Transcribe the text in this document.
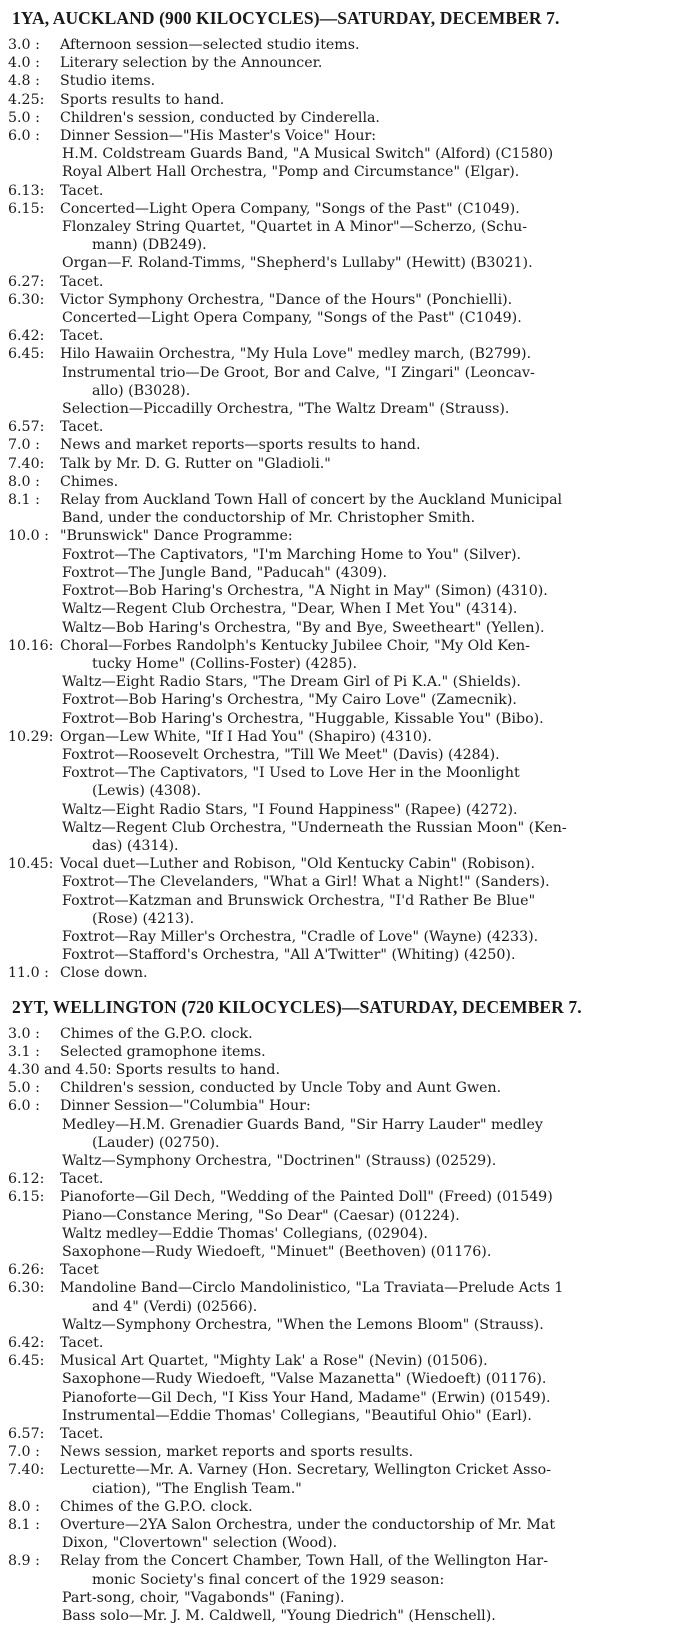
1YA, AUCKLAND (900 KILOCYCLES)—SATURDAY, DECEMBER 7.
3.0 :	Afternoon session—selected studio items.
4.0 :	Literary selection by the Announcer.
4.8 :	Studio items.
4.25:	Sports results to hand.
5.0 :	Children's session, conducted by Cinderella.
6.0 :	Dinner Session—"His Master's Voice" Hour:
H.M. Coldstream Guards Band, "A Musical Switch" (Alford) (C1580)
Royal Albert Hall Orchestra, "Pomp and Circumstance" (Elgar).
6.13:	Tacet.
6.15:	Concerted—Light Opera Company, "Songs of the Past" (C1049).
Flonzaley String Quartet, "Quartet in A Minor"—Scherzo, (Schu-
mann) (DB249).
Organ—F. Roland-Timms, "Shepherd's Lullaby" (Hewitt) (B3021).
6.27:	Tacet.
6.30:	Victor Symphony Orchestra, "Dance of the Hours" (Ponchielli).
Concerted—Light Opera Company, "Songs of the Past" (C1049).
6.42:	Tacet.
6.45:	Hilo Hawaiin Orchestra, "My Hula Love" medley march, (B2799).
Instrumental trio—De Groot, Bor and Calve, "I Zingari" (Leoncav-
allo) (B3028).
Selection—Piccadilly Orchestra, "The Waltz Dream" (Strauss).
6.57:	Tacet.
7.0 :	News and market reports—sports results to hand.
7.40:	Talk by Mr. D. G. Rutter on "Gladioli."
8.0 :	Chimes.
8.1 :	Relay from Auckland Town Hall of concert by the Auckland Municipal
Band, under the conductorship of Mr. Christopher Smith.
10.0 : "Brunswick" Dance Programme:
Foxtrot—The Captivators, "I'm Marching Home to You" (Silver).
Foxtrot—The Jungle Band, "Paducah" (4309).
Foxtrot—Bob Haring's Orchestra, "A Night in May" (Simon) (4310).
Waltz—Regent Club Orchestra, "Dear, When I Met You" (4314).
Waltz—Bob Haring's Orchestra, "By and Bye, Sweetheart" (Yellen).
10.16: Choral—Forbes Randolph's Kentucky Jubilee Choir, "My Old Ken-
tucky Home" (Collins-Foster) (4285).
Waltz—Eight Radio Stars, "The Dream Girl of Pi K.A." (Shields).
Foxtrot—Bob Haring's Orchestra, "My Cairo Love" (Zamecnik).
Foxtrot—Bob Haring's Orchestra, "Huggable, Kissable You" (Bibo).
10.29: Organ—Lew White, "If I Had You" (Shapiro) (4310).
Foxtrot—Roosevelt Orchestra, "Till We Meet" (Davis) (4284).
Foxtrot—The Captivators, "I Used to Love Her in the Moonlight
(Lewis) (4308).
Waltz—Eight Radio Stars, "I Found Happiness" (Rapee) (4272).
Waltz—Regent Club Orchestra, "Underneath the Russian Moon" (Ken-
das) (4314).
10.45: Vocal duet—Luther and Robison, "Old Kentucky Cabin" (Robison).
Foxtrot—The Clevelanders, "What a Girl! What a Night!" (Sanders).
Foxtrot—Katzman and Brunswick Orchestra, "I'd Rather Be Blue"
(Rose) (4213).
Foxtrot—Ray Miller's Orchestra, "Cradle of Love" (Wayne) (4233).
Foxtrot—Stafford's Orchestra, "All A'Twitter" (Whiting) (4250).
11.0 : Close down.
2YT, WELLINGTON (720 KILOCYCLES)—SATURDAY, DECEMBER 7.
3.0 :	Chimes of the G.P.O. clock.
3.1 :	Selected gramophone items.
4.30 and 4.50: Sports results to hand.
5.0 :	Children's session, conducted by Uncle Toby and Aunt Gwen.
6.0 :	Dinner Session—"Columbia" Hour:
Medley—H.M. Grenadier Guards Band, "Sir Harry Lauder" medley
(Lauder) (02750).
Waltz—Symphony Orchestra, "Doctrinen" (Strauss) (02529).
6.12:	Tacet.
6.15:	Pianoforte—Gil Dech, "Wedding of the Painted Doll" (Freed) (01549)
Piano—Constance Mering, "So Dear" (Caesar) (01224).
Waltz medley—Eddie Thomas' Collegians, (02904).
Saxophone—Rudy Wiedoeft, "Minuet" (Beethoven) (01176).
6.26:	Tacet
6.30:	Mandoline Band—Circlo Mandolinistico, "La Traviata—Prelude Acts 1
and 4" (Verdi) (02566).
Waltz—Symphony Orchestra, "When the Lemons Bloom" (Strauss).
6.42:	Tacet.
6.45:	Musical Art Quartet, "Mighty Lak' a Rose" (Nevin) (01506).
Saxophone—Rudy Wiedoeft, "Valse Mazanetta" (Wiedoeft) (01176).
Pianoforte—Gil Dech, "I Kiss Your Hand, Madame" (Erwin) (01549).
Instrumental—Eddie Thomas' Collegians, "Beautiful Ohio" (Earl).
6.57:	Tacet.
7.0 :	News session, market reports and sports results.
7.40:	Lecturette—Mr. A. Varney (Hon. Secretary, Wellington Cricket Asso-
ciation), "The English Team."
8.0 :	Chimes of the G.P.O. clock.
8.1 :	Overture—2YA Salon Orchestra, under the conductorship of Mr. Mat
Dixon, "Clovertown" selection (Wood).
8.9 :	Relay from the Concert Chamber, Town Hall, of the Wellington Har-
monic Society's final concert of the 1929 season:
Part-song, choir, "Vagabonds" (Faning).
Bass solo—Mr. J. M. Caldwell, "Young Diedrich" (Henschell).
